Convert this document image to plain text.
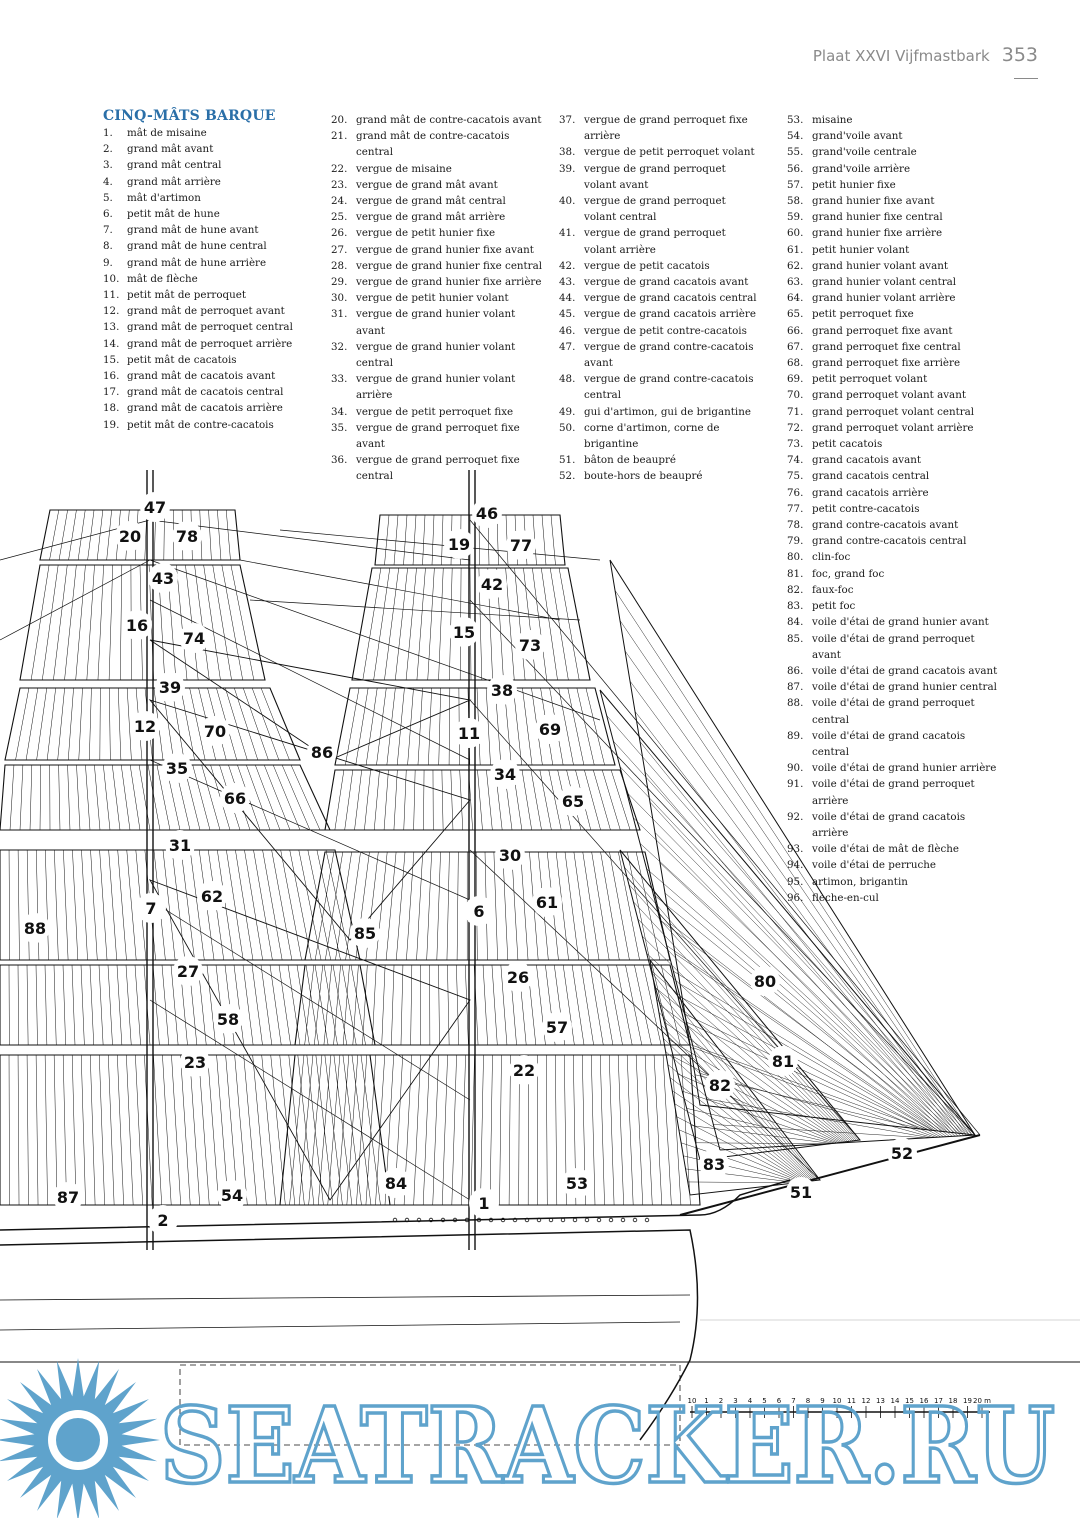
Plaat XXVI Vijfmastbark 353
CINQ-MÂTS BARQUE
1.	mât de misaine
2.	grand mât avant
3.	grand mât central
4.	grand mât arrière
5.	mât d'artimon
6.	petit mât de hune
7.	grand mât de hune avant
8.	grand mât de hune central
9.	grand mât de hune arrière
10. mât de flèche
11. petit mât de perroquet
12. grand mât de perroquet avant
13. grand mât de perroquet central
14. grand mât de perroquet arrière
15. petit mât de cacatois
16. grand mât de cacatois avant
17. grand mât de cacatois central
18. grand mât de cacatois arrière
19. petit mât de contre-cacatois
20. grand mât de contre-cacatois avant
21. grand mât de contre-cacatois central
22. vergue de misaine
23. vergue de grand mât avant
24. vergue de grand mât central
25. vergue de grand mât arrière
26. vergue de petit hunier fixe
27. vergue de grand hunier fixe avant
28. vergue de grand hunier fixe central
29. vergue de grand hunier fixe arrière
30. vergue de petit hunier volant
31. vergue de grand hunier volant avant
32. vergue de grand hunier volant central
33. vergue de grand hunier volant arrière
34. vergue de petit perroquet fixe
35. vergue de grand perroquet fixe avant
36. vergue de grand perroquet fixe central
37. vergue de grand perroquet fixe arrière
38. vergue de petit perroquet volant
39. vergue de grand perroquet volant avant
40. vergue de grand perroquet volant central
41. vergue de grand perroquet volant arrière
42. vergue de petit cacatois
43. vergue de grand cacatois avant
44. vergue de grand cacatois central
45. vergue de grand cacatois arrière
46. vergue de petit contre-cacatois
47. vergue de grand contre-cacatois avant
48. vergue de grand contre-cacatois central
49. gui d'artimon, gui de brigantine
50. corne d'artimon, corne de brigantine
51. bâton de beaupré
52. boute-hors de beaupré
53. misaine
54. grand'voile avant
55. grand'voile centrale
56. grand'voile arrière
57. petit hunier fixe
58. grand hunier fixe avant
59. grand hunier fixe central
60. grand hunier fixe arrière
61. petit hunier volant
62. grand hunier volant avant
63. grand hunier volant central
64. grand hunier volant arrière
65. petit perroquet fixe
66. grand perroquet fixe avant
67. grand perroquet fixe central
68. grand perroquet fixe arrière
69. petit perroquet volant
70. grand perroquet volant avant
71. grand perroquet volant central
72. grand perroquet volant arrière
73. petit cacatois
74. grand cacatois avant
75. grand cacatois central
76. grand cacatois arrière
77. petit contre-cacatois
78. grand contre-cacatois avant
79. grand contre-cacatois central
80. clin-foc
81. foc, grand foc
82. faux-foc
83. petit foc
84. voile d'étai de grand hunier avant
85. voile d'étai de grand perroquet avant
86. voile d'étai de grand cacatois avant
87. voile d'étai de grand hunier central
88. voile d'étai de grand perroquet central
89. voile d'étai de grand cacatois central
90. voile d'étai de grand hunier arrière
91. voile d'étai de grand perroquet arrière
92. voile d'étai de grand cacatois arrière
93. voile d'étai de mât de flèche
94. voile d'étai de perruche
95. artimon, brigantin
96. flèche-en-cul
47
20 78
43
16
74
39
12	70
35
86
66
31
62
7
88
27
85
58
23
87
2
54
46
19 77
42
15
73
38
11	69
34
65
30
61
6
26	80
57
22	81
82
53
83
84
1
51
52
10 1 2 3 4 5 6 7 8 9 10 11 12 13 14 15 16 17 18 19 20 m
SEATRACKER.RU
